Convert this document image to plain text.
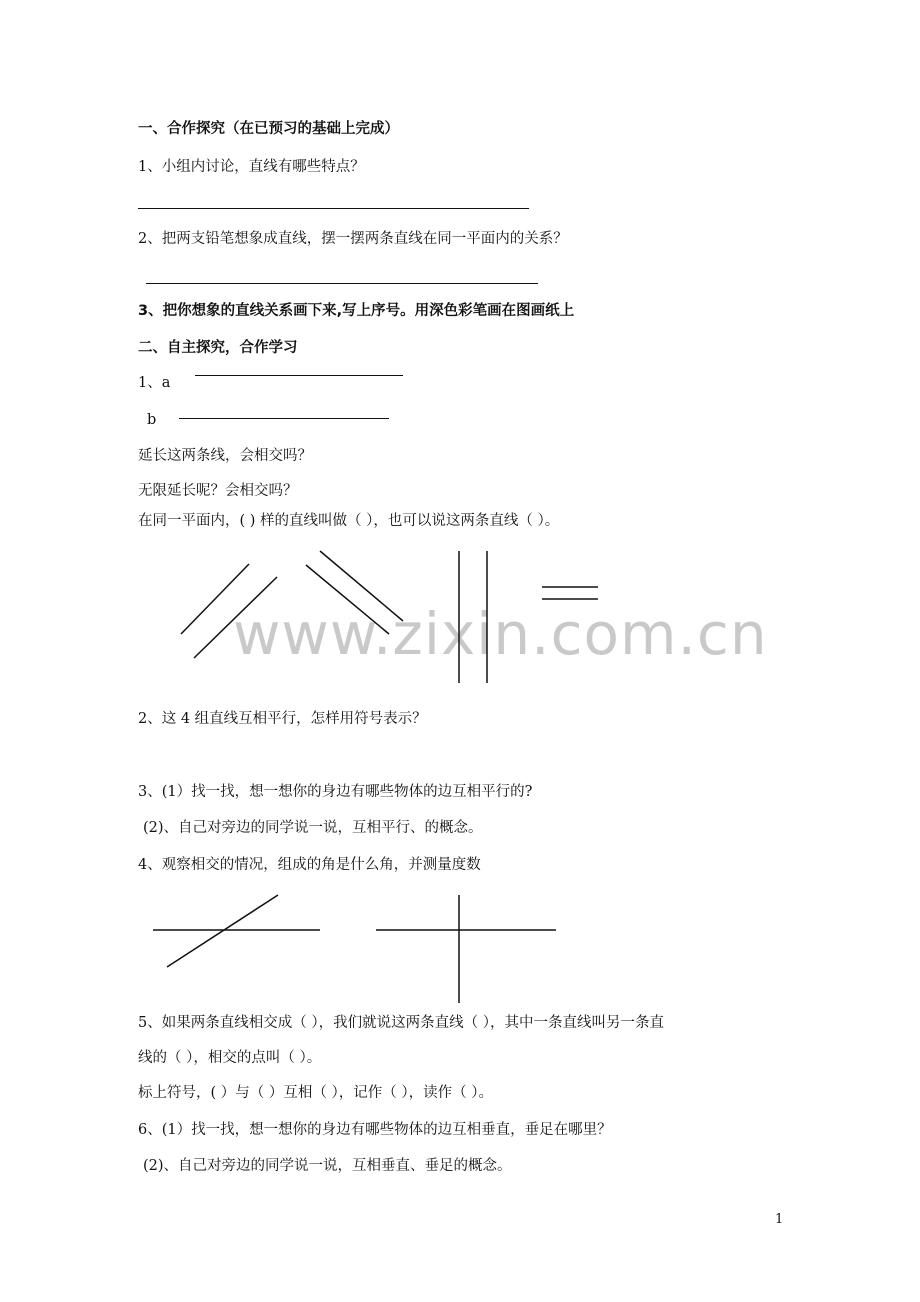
一、合作探究（在已预习的基础上完成）
1、小组内讨论，直线有哪些特点？
2、把两支铅笔想象成直线，摆一摆两条直线在同一平面内的关系？
3、把你想象的直线关系画下来,写上序号。用深色彩笔画在图画纸上
二、自主探究，合作学习
1、a
b
延长这两条线，会相交吗？
无限延长呢？会相交吗？
在同一平面内，( ) 样的直线叫做（ ），也可以说这两条直线（ ）。
www.zixin.com.cn
2、这 4 组直线互相平行，怎样用符号表示？
3、(1）找一找，想一想你的身边有哪些物体的边互相平行的?
(2)、自己对旁边的同学说一说，互相平行、的概念。
4、观察相交的情况，组成的角是什么角，并测量度数
5、如果两条直线相交成（ ），我们就说这两条直线（ ），其中一条直线叫另一条直
线的（ ），相交的点叫（ ）。
标上符号，( ）与（ ）互相（ ），记作（ ），读作（ ）。
6、(1）找一找，想一想你的身边有哪些物体的边互相垂直，垂足在哪里？
(2)、自己对旁边的同学说一说，互相垂直、垂足的概念。
1
